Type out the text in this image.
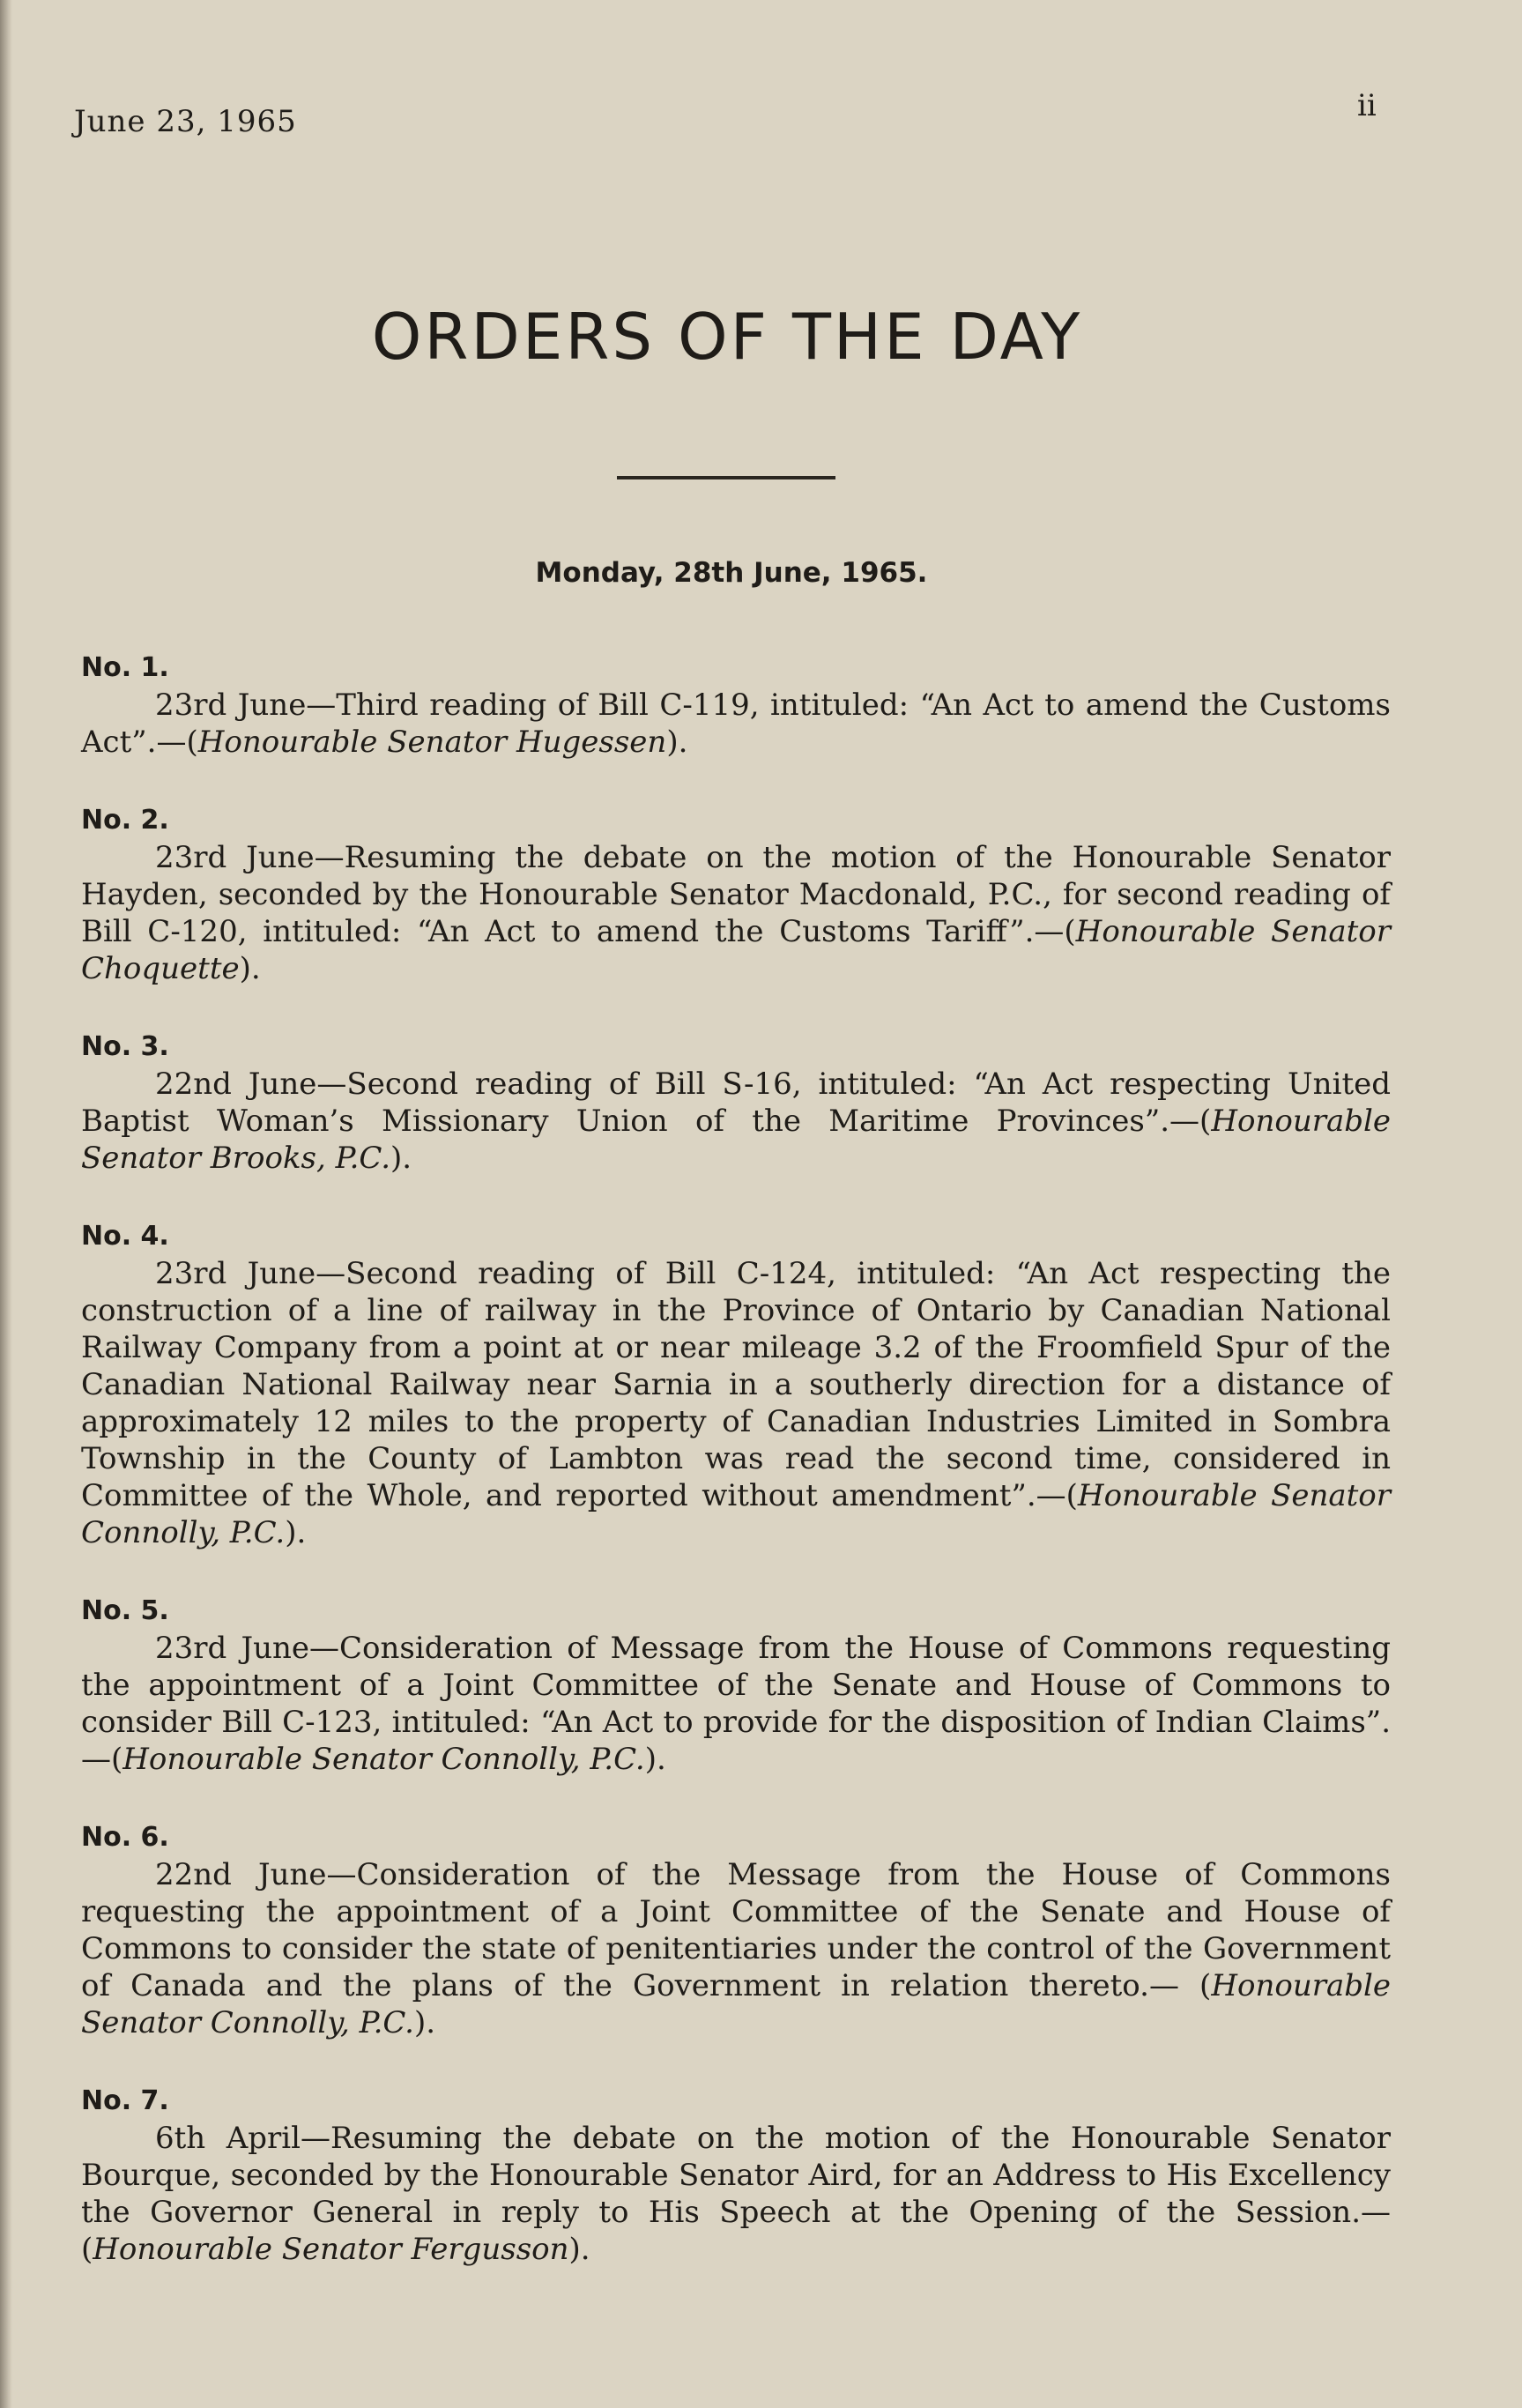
June 23, 1965	ii
ORDERS OF THE DAY
Monday, 28th June, 1965.
No. 1.

23rd June—Third reading of Bill C-119, intituled: “An Act to amend the Customs Act”.—(Honourable Senator Hugessen).

No. 2.

23rd June—Resuming the debate on the motion of the Honourable Senator Hayden, seconded by the Honourable Senator Macdonald, P.C., for second reading of Bill C-120, intituled: “An Act to amend the Customs Tariff”.—(Honourable Senator Choquette).

No. 3.

22nd June—Second reading of Bill S-16, intituled: “An Act respecting United Baptist Woman’s Missionary Union of the Maritime Provinces”.—(Honourable Senator Brooks, P.C.).

No. 4.

23rd June—Second reading of Bill C-124, intituled: “An Act respecting the construction of a line of railway in the Province of Ontario by Canadian National Railway Company from a point at or near mileage 3.2 of the Froomfield Spur of the Canadian National Railway near Sarnia in a southerly direction for a distance of approximately 12 miles to the property of Canadian Industries Limited in Sombra Township in the County of Lambton was read the second time, considered in Committee of the Whole, and reported without amendment”.—(Honourable Senator Connolly, P.C.).

No. 5.

23rd June—Consideration of Message from the House of Commons requesting the appointment of a Joint Committee of the Senate and House of Commons to consider Bill C-123, intituled: “An Act to provide for the disposition of Indian Claims”.—(Honourable Senator Connolly, P.C.).

No. 6.

22nd June—Consideration of the Message from the House of Commons requesting the appointment of a Joint Committee of the Senate and House of Commons to consider the state of penitentiaries under the control of the Government of Canada and the plans of the Government in relation thereto.— (Honourable Senator Connolly, P.C.).

No. 7.

6th April—Resuming the debate on the motion of the Honourable Senator Bourque, seconded by the Honourable Senator Aird, for an Address to His Excellency the Governor General in reply to His Speech at the Opening of the Session.—(Honourable Senator Fergusson).
